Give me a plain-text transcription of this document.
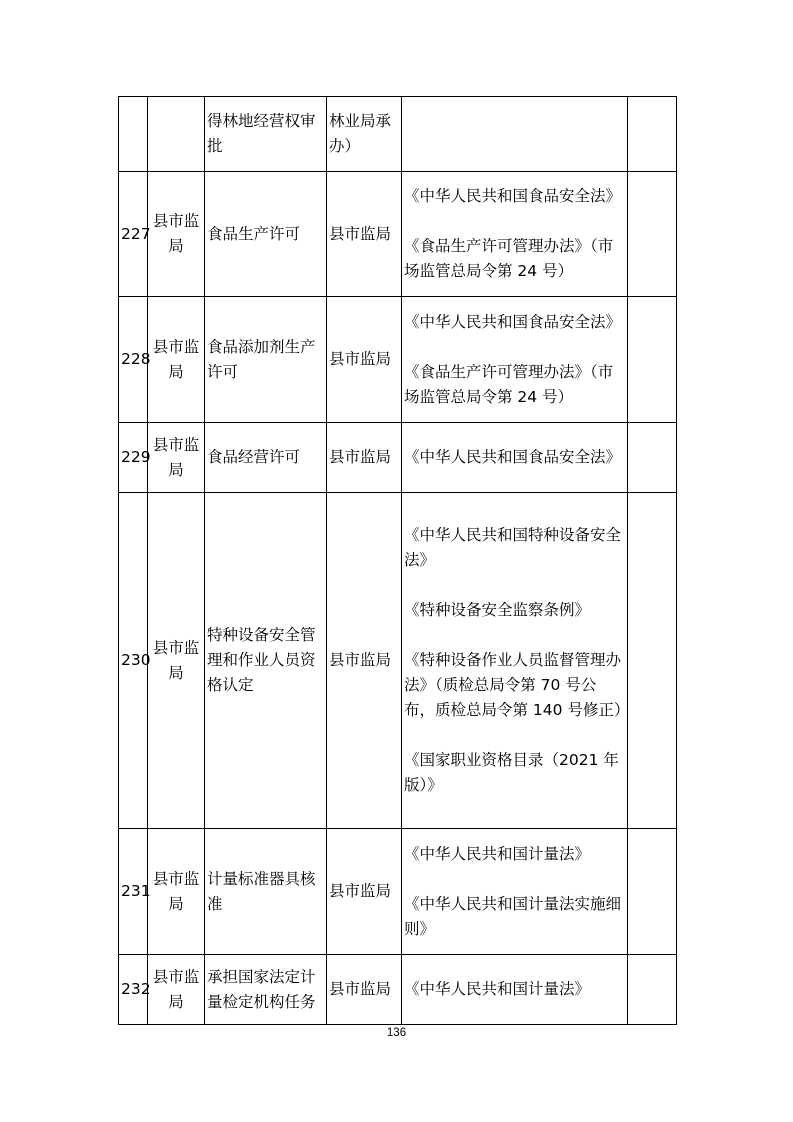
		得林地经营权审批	林业局承办）	

227	县市监局	食品生产许可	县市监局	《中华人民共和国食品安全法》
《食品生产许可管理办法》（市场监管总局令第 24 号）	

228	县市监局	食品添加剂生产许可	县市监局	《中华人民共和国食品安全法》
《食品生产许可管理办法》（市场监管总局令第 24 号）	

229	县市监局	食品经营许可	县市监局	《中华人民共和国食品安全法》	

230	县市监局	特种设备安全管理和作业人员资格认定	县市监局	《中华人民共和国特种设备安全法》
《特种设备安全监察条例》
《特种设备作业人员监督管理办法》（质检总局令第 70 号公布，质检总局令第 140 号修正）
《国家职业资格目录（2021 年版）》	

231	县市监局	计量标准器具核准	县市监局	《中华人民共和国计量法》
《中华人民共和国计量法实施细则》	

232	县市监局	承担国家法定计量检定机构任务	县市监局	《中华人民共和国计量法》	

136
